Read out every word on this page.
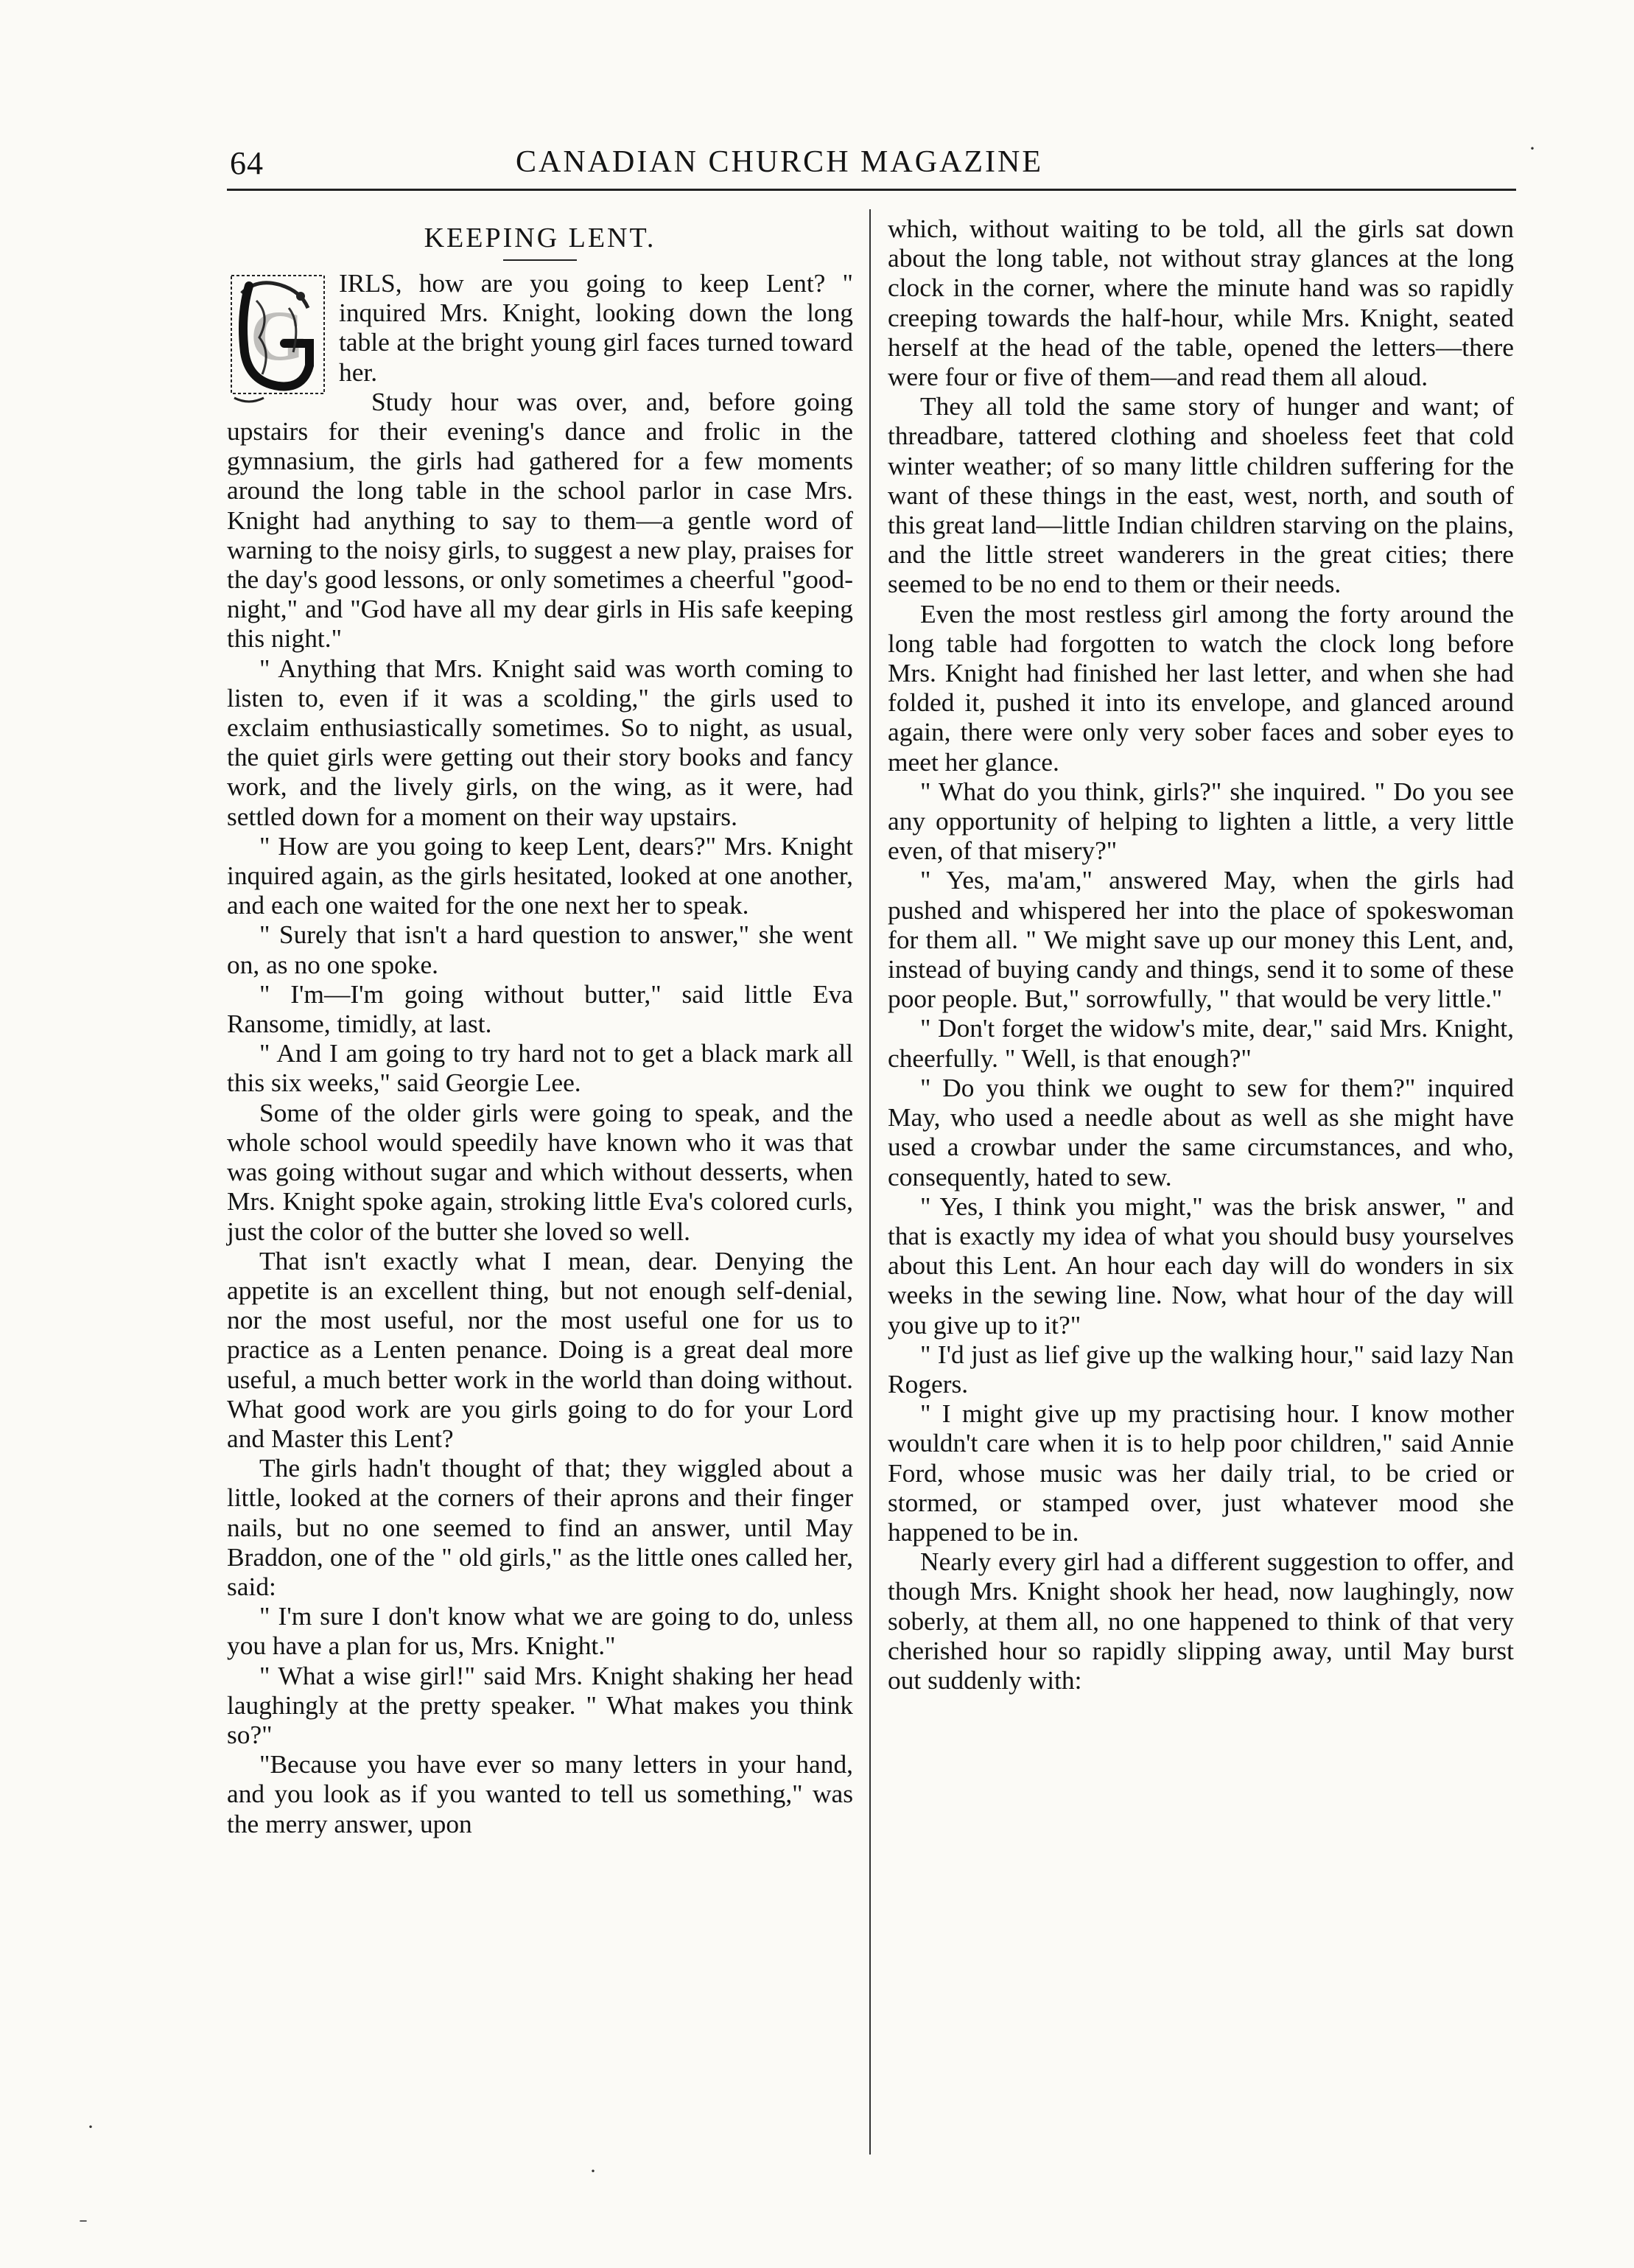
64	CANADIAN CHURCH MAGAZINE
KEEPING LENT.
G

IRLS, how are you going to keep Lent? " inquired Mrs. Knight, looking down the long table at the bright young girl faces turned toward her.

Study hour was over, and, before going upstairs for their evening's dance and frolic in the gymnasium, the girls had gathered for a few moments around the long table in the school parlor in case Mrs. Knight had anything to say to them—a gentle word of warning to the noisy girls, to suggest a new play, praises for the day's good lessons, or only sometimes a cheerful "good-night," and "God have all my dear girls in His safe keeping this night."

" Anything that Mrs. Knight said was worth coming to listen to, even if it was a scolding," the girls used to exclaim enthusiastically sometimes. So to night, as usual, the quiet girls were getting out their story books and fancy work, and the lively girls, on the wing, as it were, had settled down for a moment on their way upstairs.

" How are you going to keep Lent, dears?" Mrs. Knight inquired again, as the girls hesitated, looked at one another, and each one waited for the one next her to speak.

" Surely that isn't a hard question to answer," she went on, as no one spoke.

" I'm—I'm going without butter," said little Eva Ransome, timidly, at last.

" And I am going to try hard not to get a black mark all this six weeks," said Georgie Lee.

Some of the older girls were going to speak, and the whole school would speedily have known who it was that was going without sugar and which without desserts, when Mrs. Knight spoke again, stroking little Eva's colored curls, just the color of the butter she loved so well.

That isn't exactly what I mean, dear. Denying the appetite is an excellent thing, but not enough self-denial, nor the most useful, nor the most useful one for us to practice as a Lenten penance. Doing is a great deal more useful, a much better work in the world than doing without. What good work are you girls going to do for your Lord and Master this Lent?

The girls hadn't thought of that; they wiggled about a little, looked at the corners of their aprons and their finger nails, but no one seemed to find an answer, until May Braddon, one of the " old girls," as the little ones called her, said:

" I'm sure I don't know what we are going to do, unless you have a plan for us, Mrs. Knight."

" What a wise girl!" said Mrs. Knight shaking her head laughingly at the pretty speaker. " What makes you think so?"

"Because you have ever so many letters in your hand, and you look as if you wanted to tell us something," was the merry answer, upon

which, without waiting to be told, all the girls sat down about the long table, not without stray glances at the long clock in the corner, where the minute hand was so rapidly creeping towards the half-hour, while Mrs. Knight, seated herself at the head of the table, opened the letters—there were four or five of them—and read them all aloud.

They all told the same story of hunger and want; of threadbare, tattered clothing and shoeless feet that cold winter weather; of so many little children suffering for the want of these things in the east, west, north, and south of this great land—little Indian children starving on the plains, and the little street wanderers in the great cities; there seemed to be no end to them or their needs.

Even the most restless girl among the forty around the long table had forgotten to watch the clock long before Mrs. Knight had finished her last letter, and when she had folded it, pushed it into its envelope, and glanced around again, there were only very sober faces and sober eyes to meet her glance.

" What do you think, girls?" she inquired. " Do you see any opportunity of helping to lighten a little, a very little even, of that misery?"

" Yes, ma'am," answered May, when the girls had pushed and whispered her into the place of spokeswoman for them all. " We might save up our money this Lent, and, instead of buying candy and things, send it to some of these poor people. But," sorrowfully, " that would be very little."

" Don't forget the widow's mite, dear," said Mrs. Knight, cheerfully. " Well, is that enough?"

" Do you think we ought to sew for them?" inquired May, who used a needle about as well as she might have used a crowbar under the same circumstances, and who, consequently, hated to sew.

" Yes, I think you might," was the brisk answer, " and that is exactly my idea of what you should busy yourselves about this Lent. An hour each day will do wonders in six weeks in the sewing line. Now, what hour of the day will you give up to it?"

" I'd just as lief give up the walking hour," said lazy Nan Rogers.

" I might give up my practising hour. I know mother wouldn't care when it is to help poor children," said Annie Ford, whose music was her daily trial, to be cried or stormed, or stamped over, just whatever mood she happened to be in.

Nearly every girl had a different suggestion to offer, and though Mrs. Knight shook her head, now laughingly, now soberly, at them all, no one happened to think of that very cherished hour so rapidly slipping away, until May burst out suddenly with:

·
·
ˍ
·
